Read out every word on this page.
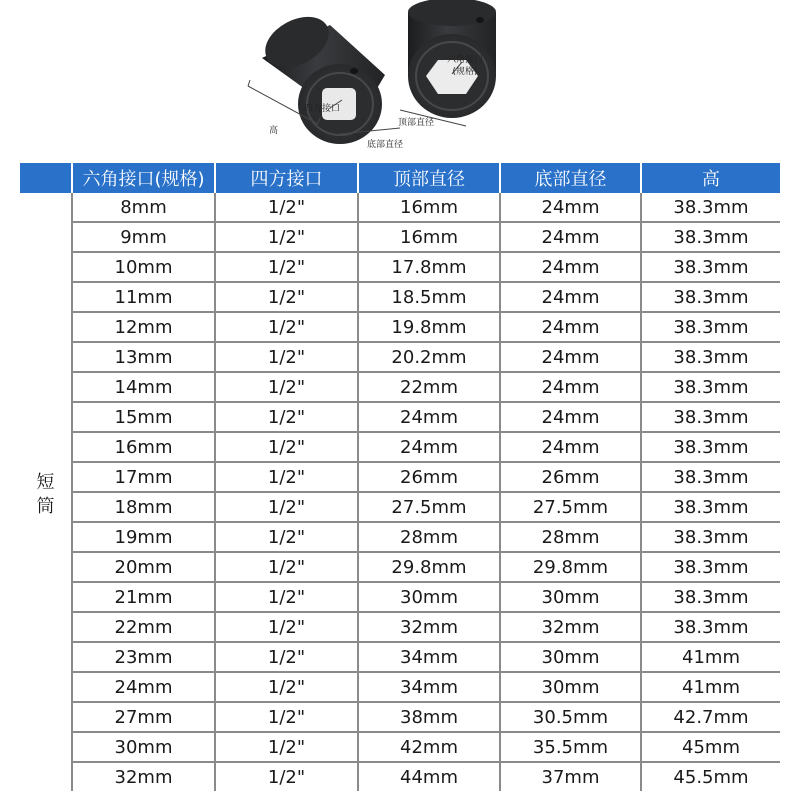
六角接口
(规格)
四方接口
顶部直径
底部直径
高
	六角接口(规格)	四方接口	顶部直径	底部直径	高
短筒	8mm	1/2"	16mm	24mm	38.3mm
	9mm	1/2"	16mm	24mm	38.3mm
	10mm	1/2"	17.8mm	24mm	38.3mm
	11mm	1/2"	18.5mm	24mm	38.3mm
	12mm	1/2"	19.8mm	24mm	38.3mm
	13mm	1/2"	20.2mm	24mm	38.3mm
	14mm	1/2"	22mm	24mm	38.3mm
	15mm	1/2"	24mm	24mm	38.3mm
	16mm	1/2"	24mm	24mm	38.3mm
	17mm	1/2"	26mm	26mm	38.3mm
	18mm	1/2"	27.5mm	27.5mm	38.3mm
	19mm	1/2"	28mm	28mm	38.3mm
	20mm	1/2"	29.8mm	29.8mm	38.3mm
	21mm	1/2"	30mm	30mm	38.3mm
	22mm	1/2"	32mm	32mm	38.3mm
	23mm	1/2"	34mm	30mm	41mm
	24mm	1/2"	34mm	30mm	41mm
	27mm	1/2"	38mm	30.5mm	42.7mm
	30mm	1/2"	42mm	35.5mm	45mm
	32mm	1/2"	44mm	37mm	45.5mm
